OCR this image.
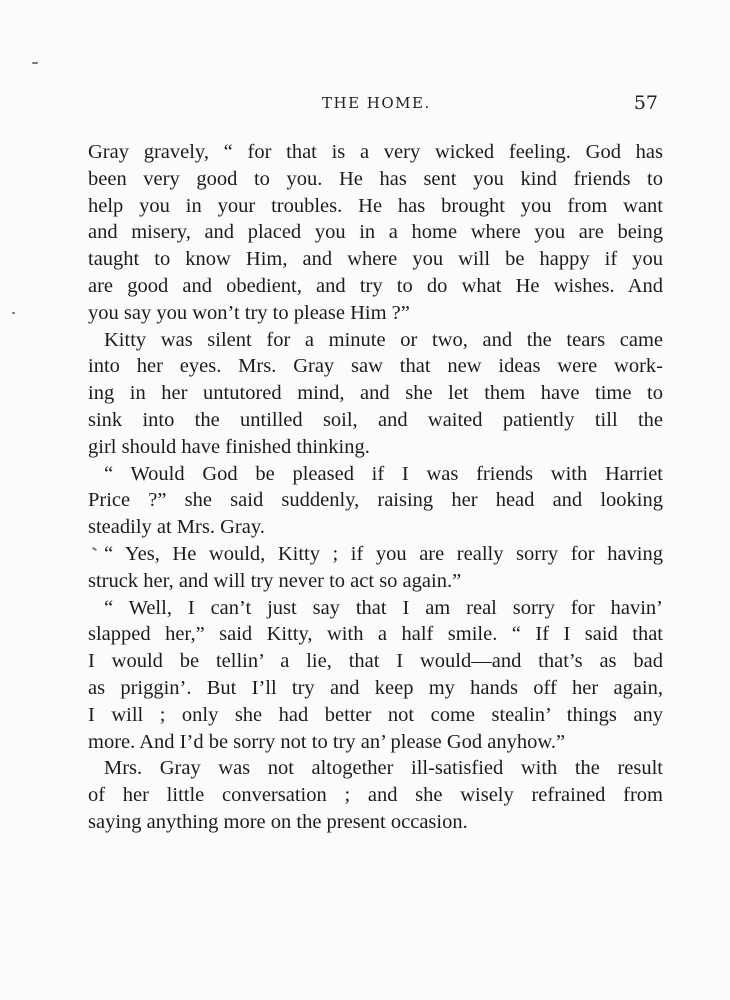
THE HOME.	57
Gray gravely, “ for that is a very wicked feeling. God has
been very good to you. He has sent you kind friends to
help you in your troubles. He has brought you from want
and misery, and placed you in a home where you are being
taught to know Him, and where you will be happy if you
are good and obedient, and try to do what He wishes. And
you say you won’t try to please Him ?”
Kitty was silent for a minute or two, and the tears came
into her eyes. Mrs. Gray saw that new ideas were work-
ing in her untutored mind, and she let them have time to
sink into the untilled soil, and waited patiently till the
girl should have finished thinking.
“ Would God be pleased if I was friends with Harriet
Price ?” she said suddenly, raising her head and looking
steadily at Mrs. Gray.
“ Yes, He would, Kitty ; if you are really sorry for having
struck her, and will try never to act so again.”
“ Well, I can’t just say that I am real sorry for havin’
slapped her,” said Kitty, with a half smile. “ If I said that
I would be tellin’ a lie, that I would—and that’s as bad
as priggin’. But I’ll try and keep my hands off her again,
I will ; only she had better not come stealin’ things any
more. And I’d be sorry not to try an’ please God anyhow.”
Mrs. Gray was not altogether ill-satisfied with the result
of her little conversation ; and she wisely refrained from
saying anything more on the present occasion.
